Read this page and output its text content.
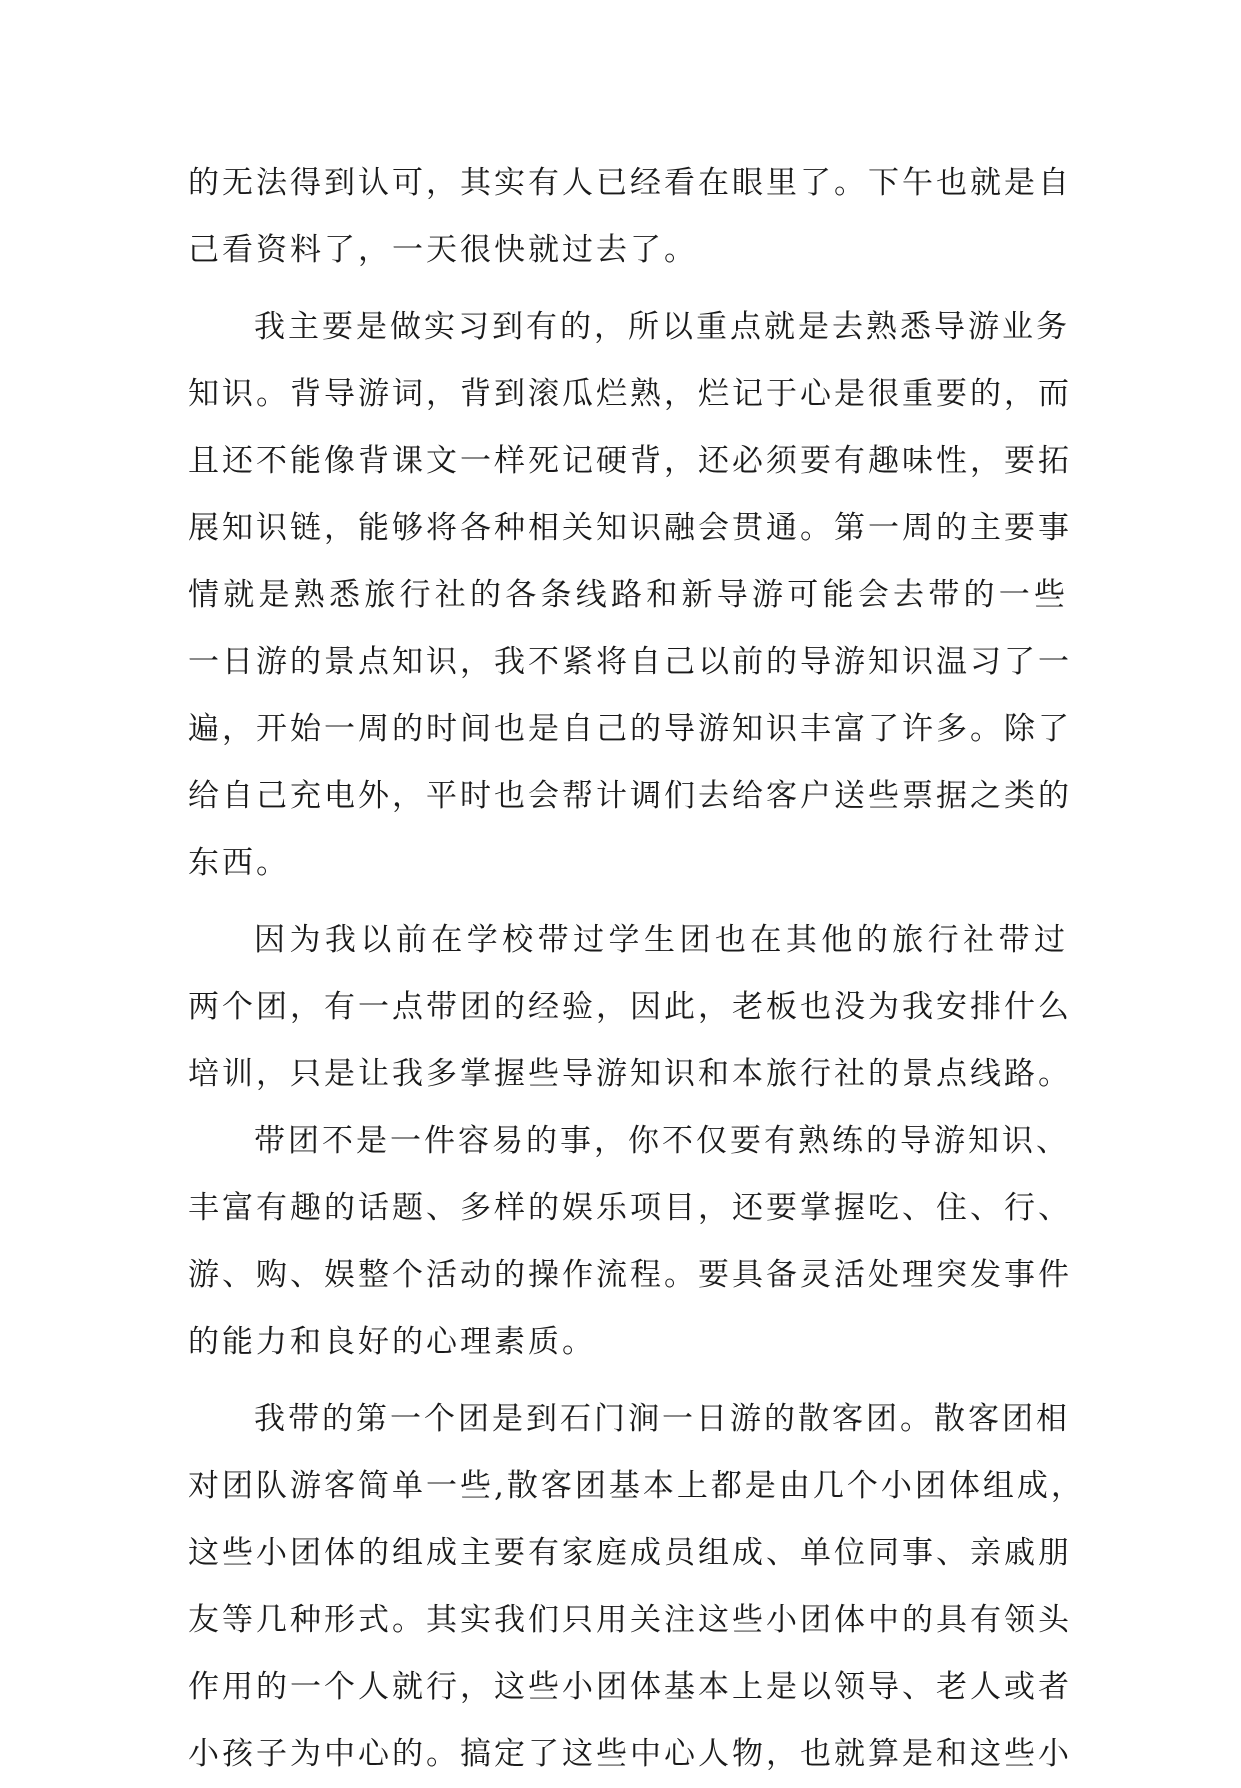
的无法得到认可，其实有人已经看在眼里了。下午也就是自
己看资料了，一天很快就过去了。
我主要是做实习到有的，所以重点就是去熟悉导游业务
知识。背导游词，背到滚瓜烂熟，烂记于心是很重要的，而
且还不能像背课文一样死记硬背，还必须要有趣味性，要拓
展知识链，能够将各种相关知识融会贯通。第一周的主要事
情就是熟悉旅行社的各条线路和新导游可能会去带的一些
一日游的景点知识，我不紧将自己以前的导游知识温习了一
遍，开始一周的时间也是自己的导游知识丰富了许多。除了
给自己充电外，平时也会帮计调们去给客户送些票据之类的
东西。
因为我以前在学校带过学生团也在其他的旅行社带过
两个团，有一点带团的经验，因此，老板也没为我安排什么
培训，只是让我多掌握些导游知识和本旅行社的景点线路。
带团不是一件容易的事，你不仅要有熟练的导游知识、
丰富有趣的话题、多样的娱乐项目，还要掌握吃、住、行、
游、购、娱整个活动的操作流程。要具备灵活处理突发事件
的能力和良好的心理素质。
我带的第一个团是到石门涧一日游的散客团。散客团相
对团队游客简单一些,散客团基本上都是由几个小团体组成，
这些小团体的组成主要有家庭成员组成、单位同事、亲戚朋
友等几种形式。其实我们只用关注这些小团体中的具有领头
作用的一个人就行，这些小团体基本上是以领导、老人或者
小孩子为中心的。搞定了这些中心人物，也就算是和这些小
